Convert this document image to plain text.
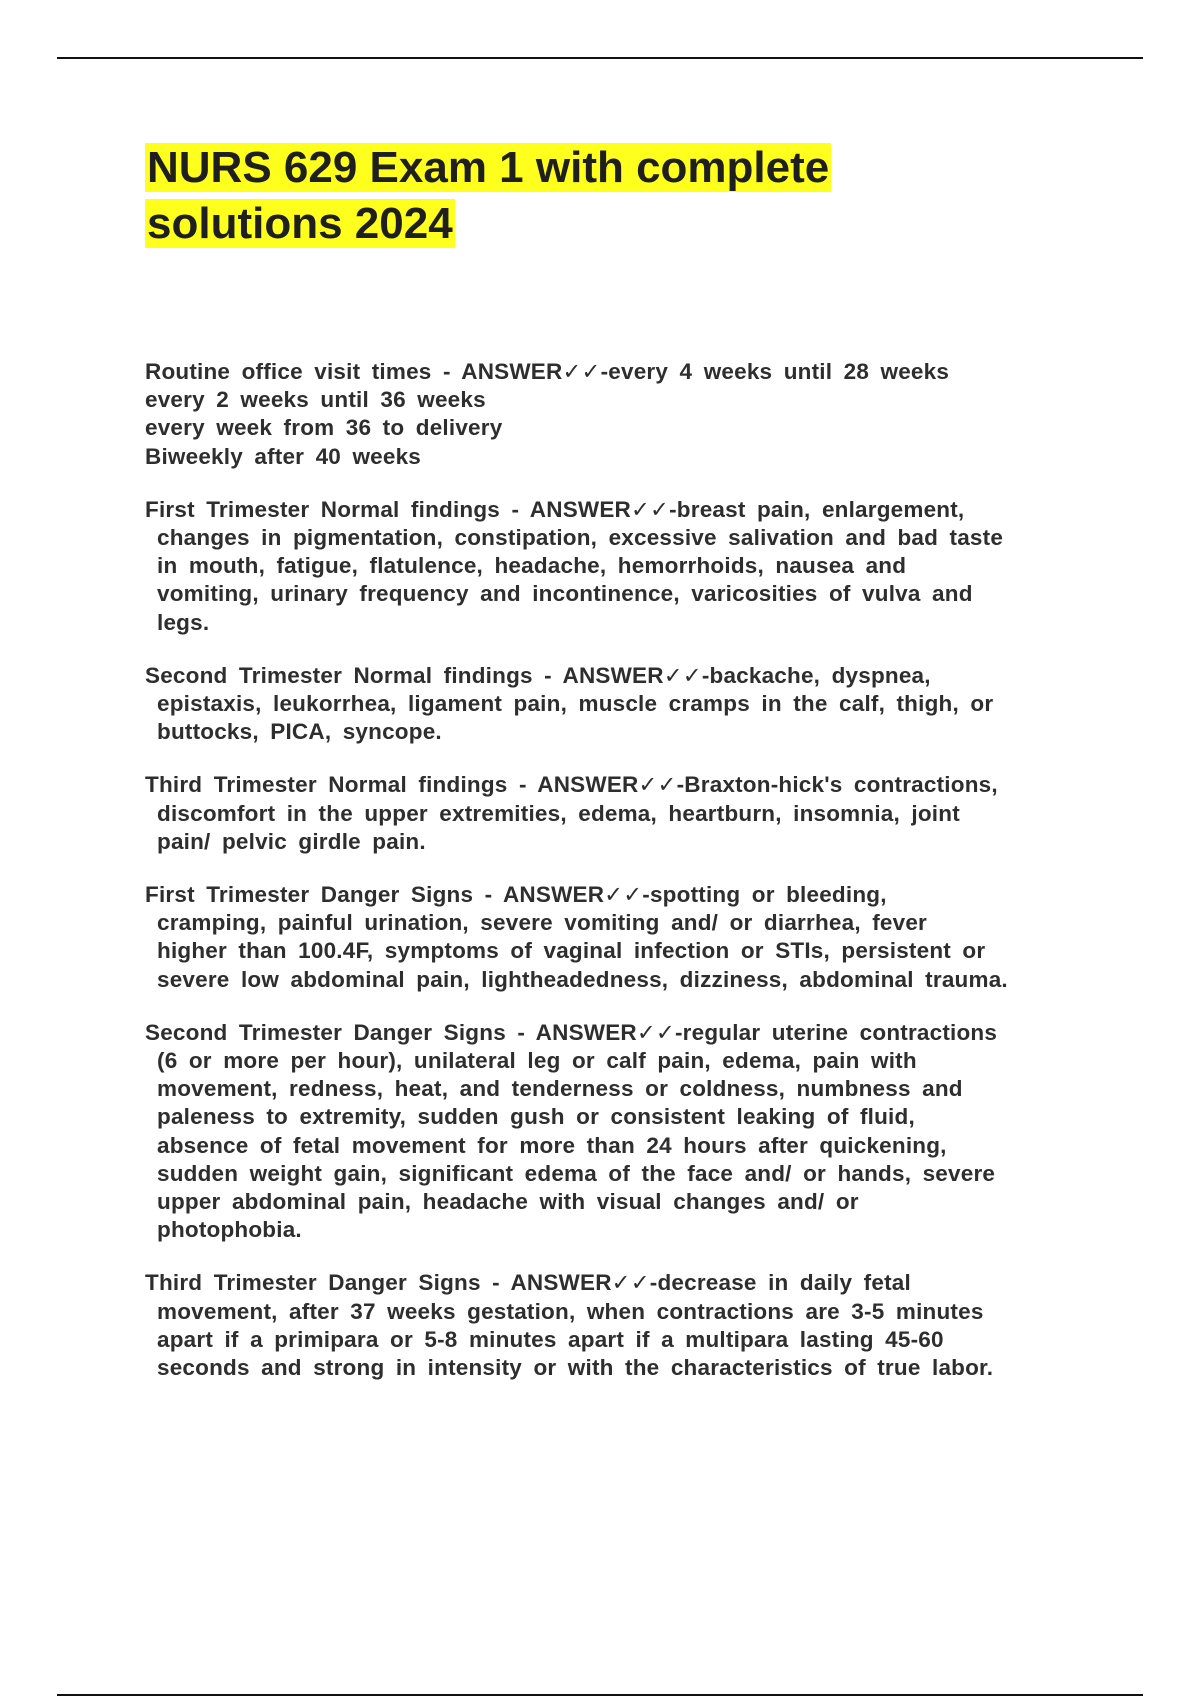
NURS 629 Exam 1 with complete
solutions 2024

Routine office visit times - ANSWER✓✓-every 4 weeks until 28 weeks
every 2 weeks until 36 weeks
every week from 36 to delivery
Biweekly after 40 weeks

First Trimester Normal findings - ANSWER✓✓-breast pain, enlargement,
changes in pigmentation, constipation, excessive salivation and bad taste
in mouth, fatigue, flatulence, headache, hemorrhoids, nausea and
vomiting, urinary frequency and incontinence, varicosities of vulva and
legs.

Second Trimester Normal findings - ANSWER✓✓-backache, dyspnea,
epistaxis, leukorrhea, ligament pain, muscle cramps in the calf, thigh, or
buttocks, PICA, syncope.

Third Trimester Normal findings - ANSWER✓✓-Braxton-hick's contractions,
discomfort in the upper extremities, edema, heartburn, insomnia, joint
pain/ pelvic girdle pain.

First Trimester Danger Signs - ANSWER✓✓-spotting or bleeding,
cramping, painful urination, severe vomiting and/ or diarrhea, fever
higher than 100.4F, symptoms of vaginal infection or STIs, persistent or
severe low abdominal pain, lightheadedness, dizziness, abdominal trauma.

Second Trimester Danger Signs - ANSWER✓✓-regular uterine contractions
(6 or more per hour), unilateral leg or calf pain, edema, pain with
movement, redness, heat, and tenderness or coldness, numbness and
paleness to extremity, sudden gush or consistent leaking of fluid,
absence of fetal movement for more than 24 hours after quickening,
sudden weight gain, significant edema of the face and/ or hands, severe
upper abdominal pain, headache with visual changes and/ or
photophobia.

Third Trimester Danger Signs - ANSWER✓✓-decrease in daily fetal
movement, after 37 weeks gestation, when contractions are 3-5 minutes
apart if a primipara or 5-8 minutes apart if a multipara lasting 45-60
seconds and strong in intensity or with the characteristics of true labor.
